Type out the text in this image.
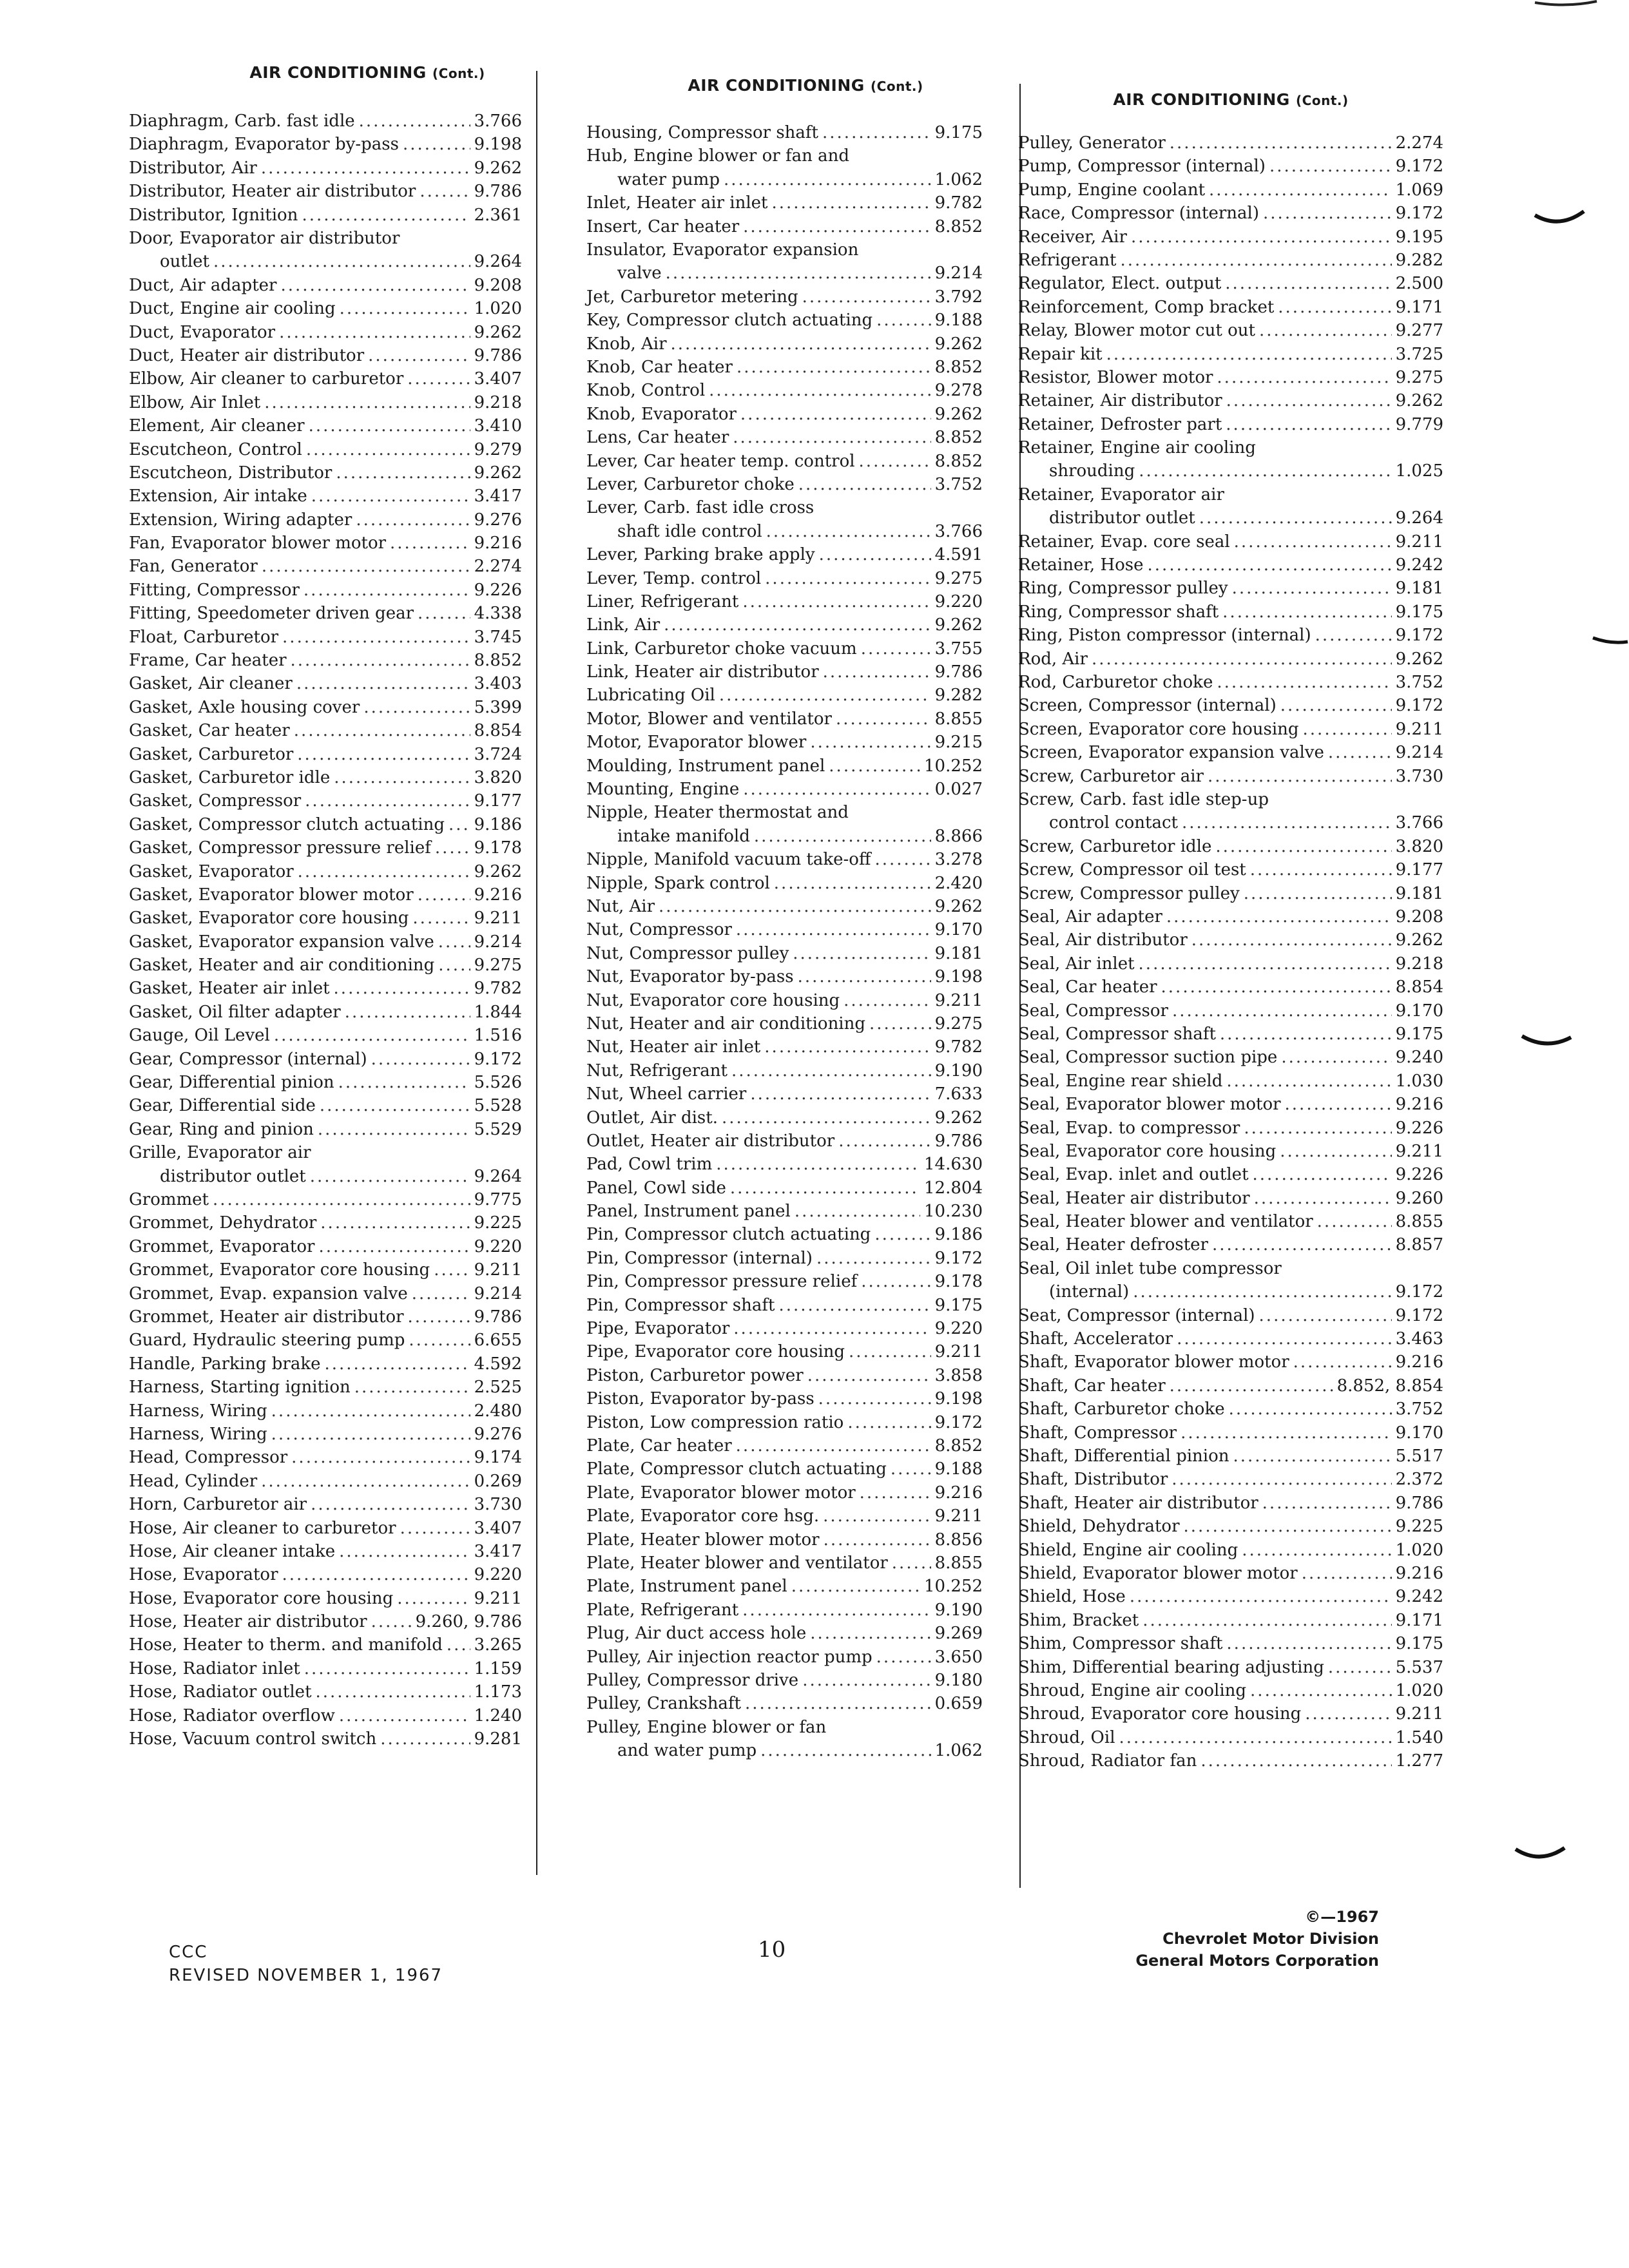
AIR CONDITIONING (Cont.)
AIR CONDITIONING (Cont.)
AIR CONDITIONING (Cont.)
Diaphragm, Carb. fast idle .....	3.766
Diaphragm, Evaporator by-pass .....	9.198
Distributor, Air .....	9.262
Distributor, Heater air distributor .....	9.786
Distributor, Ignition .....	2.361
Door, Evaporator air distributor
outlet .....	9.264
Duct, Air adapter .....	9.208
Duct, Engine air cooling .....	1.020
Duct, Evaporator .....	9.262
Duct, Heater air distributor .....	9.786
Elbow, Air cleaner to carburetor .....	3.407
Elbow, Air Inlet .....	9.218
Element, Air cleaner .....	3.410
Escutcheon, Control .....	9.279
Escutcheon, Distributor .....	9.262
Extension, Air intake .....	3.417
Extension, Wiring adapter .....	9.276
Fan, Evaporator blower motor .....	9.216
Fan, Generator .....	2.274
Fitting, Compressor .....	9.226
Fitting, Speedometer driven gear .....	4.338
Float, Carburetor .....	3.745
Frame, Car heater .....	8.852
Gasket, Air cleaner .....	3.403
Gasket, Axle housing cover .....	5.399
Gasket, Car heater .....	8.854
Gasket, Carburetor .....	3.724
Gasket, Carburetor idle .....	3.820
Gasket, Compressor .....	9.177
Gasket, Compressor clutch actuating ..... 9.186
Gasket, Compressor pressure relief .....	9.178
Gasket, Evaporator .....	9.262
Gasket, Evaporator blower motor .....	9.216
Gasket, Evaporator core housing .....	9.211
Gasket, Evaporator expansion valve ..... 9.214
Gasket, Heater and air conditioning ..... 9.275
Gasket, Heater air inlet .....	9.782
Gasket, Oil filter adapter .....	1.844
Gauge, Oil Level .....	1.516
Gear, Compressor (internal) .....	9.172
Gear, Differential pinion .....	5.526
Gear, Differential side .....	5.528
Gear, Ring and pinion .....	5.529
Grille, Evaporator air
distributor outlet .....	9.264
Grommet .....	9.775
Grommet, Dehydrator .....	9.225
Grommet, Evaporator .....	9.220
Grommet, Evaporator core housing .....	9.211
Grommet, Evap. expansion valve .....	9.214
Grommet, Heater air distributor .....	9.786
Guard, Hydraulic steering pump .....	6.655
Handle, Parking brake .....	4.592
Harness, Starting ignition .....	2.525
Harness, Wiring .....	2.480
Harness, Wiring .....	9.276
Head, Compressor .....	9.174
Head, Cylinder .....	0.269
Horn, Carburetor air .....	3.730
Hose, Air cleaner to carburetor .....	3.407
Hose, Air cleaner intake .....	3.417
Hose, Evaporator .....	9.220
Hose, Evaporator core housing .....	9.211
Hose, Heater air distributor .....	9.260, 9.786
Hose, Heater to therm. and manifold ..... 3.265
Hose, Radiator inlet .....	1.159
Hose, Radiator outlet .....	1.173
Hose, Radiator overflow .....	1.240
Hose, Vacuum control switch .....	9.281
Housing, Compressor shaft .....	9.175
Hub, Engine blower or fan and
water pump .....	1.062
Inlet, Heater air inlet .....	9.782
Insert, Car heater .....	8.852
Insulator, Evaporator expansion
valve .....	9.214
Jet, Carburetor metering .....	3.792
Key, Compressor clutch actuating .....	9.188
Knob, Air .....	9.262
Knob, Car heater .....	8.852
Knob, Control .....	9.278
Knob, Evaporator .....	9.262
Lens, Car heater .....	8.852
Lever, Car heater temp. control .....	8.852
Lever, Carburetor choke .....	3.752
Lever, Carb. fast idle cross
shaft idle control .....	3.766
Lever, Parking brake apply .....	4.591
Lever, Temp. control .....	9.275
Liner, Refrigerant .....	9.220
Link, Air .....	9.262
Link, Carburetor choke vacuum .....	3.755
Link, Heater air distributor .....	9.786
Lubricating Oil .....	9.282
Motor, Blower and ventilator .....	8.855
Motor, Evaporator blower .....	9.215
Moulding, Instrument panel .....	10.252
Mounting, Engine .....	0.027
Nipple, Heater thermostat and
intake manifold .....	8.866
Nipple, Manifold vacuum take-off .....	3.278
Nipple, Spark control .....	2.420
Nut, Air .....	9.262
Nut, Compressor .....	9.170
Nut, Compressor pulley .....	9.181
Nut, Evaporator by-pass .....	9.198
Nut, Evaporator core housing .....	9.211
Nut, Heater and air conditioning .....	9.275
Nut, Heater air inlet .....	9.782
Nut, Refrigerant .....	9.190
Nut, Wheel carrier .....	7.633
Outlet, Air dist. .....	9.262
Outlet, Heater air distributor .....	9.786
Pad, Cowl trim .....	14.630
Panel, Cowl side .....	12.804
Panel, Instrument panel .....	10.230
Pin, Compressor clutch actuating .....	9.186
Pin, Compressor (internal) .....	9.172
Pin, Compressor pressure relief .....	9.178
Pin, Compressor shaft .....	9.175
Pipe, Evaporator .....	9.220
Pipe, Evaporator core housing .....	9.211
Piston, Carburetor power .....	3.858
Piston, Evaporator by-pass .....	9.198
Piston, Low compression ratio .....	9.172
Plate, Car heater .....	8.852
Plate, Compressor clutch actuating .....	9.188
Plate, Evaporator blower motor .....	9.216
Plate, Evaporator core hsg. .....	9.211
Plate, Heater blower motor .....	8.856
Plate, Heater blower and ventilator .....	8.855
Plate, Instrument panel .....	10.252
Plate, Refrigerant .....	9.190
Plug, Air duct access hole .....	9.269
Pulley, Air injection reactor pump .....	3.650
Pulley, Compressor drive .....	9.180
Pulley, Crankshaft .....	0.659
Pulley, Engine blower or fan
and water pump .....	1.062
Pulley, Generator .....	2.274
Pump, Compressor (internal) .....	9.172
Pump, Engine coolant .....	1.069
Race, Compressor (internal) .....	9.172
Receiver, Air .....	9.195
Refrigerant .....	9.282
Regulator, Elect. output .....	2.500
Reinforcement, Comp bracket .....	9.171
Relay, Blower motor cut out .....	9.277
Repair kit .....	3.725
Resistor, Blower motor .....	9.275
Retainer, Air distributor .....	9.262
Retainer, Defroster part .....	9.779
Retainer, Engine air cooling
shrouding .....	1.025
Retainer, Evaporator air
distributor outlet .....	9.264
Retainer, Evap. core seal .....	9.211
Retainer, Hose .....	9.242
Ring, Compressor pulley .....	9.181
Ring, Compressor shaft .....	9.175
Ring, Piston compressor (internal) .....	9.172
Rod, Air .....	9.262
Rod, Carburetor choke .....	3.752
Screen, Compressor (internal) .....	9.172
Screen, Evaporator core housing .....	9.211
Screen, Evaporator expansion valve .....	9.214
Screw, Carburetor air .....	3.730
Screw, Carb. fast idle step-up
control contact .....	3.766
Screw, Carburetor idle .....	3.820
Screw, Compressor oil test .....	9.177
Screw, Compressor pulley .....	9.181
Seal, Air adapter .....	9.208
Seal, Air distributor .....	9.262
Seal, Air inlet .....	9.218
Seal, Car heater .....	8.854
Seal, Compressor .....	9.170
Seal, Compressor shaft .....	9.175
Seal, Compressor suction pipe .....	9.240
Seal, Engine rear shield .....	1.030
Seal, Evaporator blower motor .....	9.216
Seal, Evap. to compressor .....	9.226
Seal, Evaporator core housing .....	9.211
Seal, Evap. inlet and outlet .....	9.226
Seal, Heater air distributor .....	9.260
Seal, Heater blower and ventilator .....	8.855
Seal, Heater defroster .....	8.857
Seal, Oil inlet tube compressor
(internal) .....	9.172
Seat, Compressor (internal) .....	9.172
Shaft, Accelerator .....	3.463
Shaft, Evaporator blower motor .....	9.216
Shaft, Car heater .....	8.852, 8.854
Shaft, Carburetor choke .....	3.752
Shaft, Compressor .....	9.170
Shaft, Differential pinion .....	5.517
Shaft, Distributor .....	2.372
Shaft, Heater air distributor .....	9.786
Shield, Dehydrator .....	9.225
Shield, Engine air cooling .....	1.020
Shield, Evaporator blower motor .....	9.216
Shield, Hose .....	9.242
Shim, Bracket .....	9.171
Shim, Compressor shaft .....	9.175
Shim, Differential bearing adjusting .....	5.537
Shroud, Engine air cooling .....	1.020
Shroud, Evaporator core housing .....	9.211
Shroud, Oil .....	1.540
Shroud, Radiator fan .....	1.277
CCC
REVISED NOVEMBER 1, 1967
10
©—1967
Chevrolet Motor Division
General Motors Corporation
